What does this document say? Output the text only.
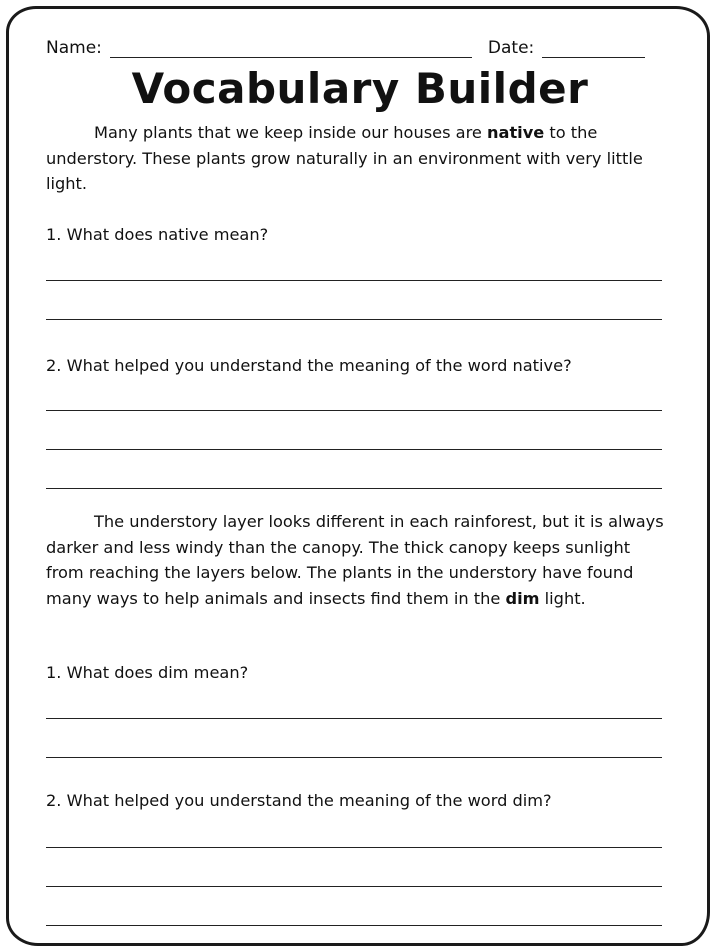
Name:	Date:
Vocabulary Builder

Many plants that we keep inside our houses are native to the understory. These plants grow naturally in an environment with very little light.

1. What does native mean?
2. What helped you understand the meaning of the word native?

The understory layer looks different in each rainforest, but it is always darker and less windy than the canopy. The thick canopy keeps sunlight from reaching the layers below. The plants in the understory have found many ways to help animals and insects find them in the dim light.

1. What does dim mean?
2. What helped you understand the meaning of the word dim?
